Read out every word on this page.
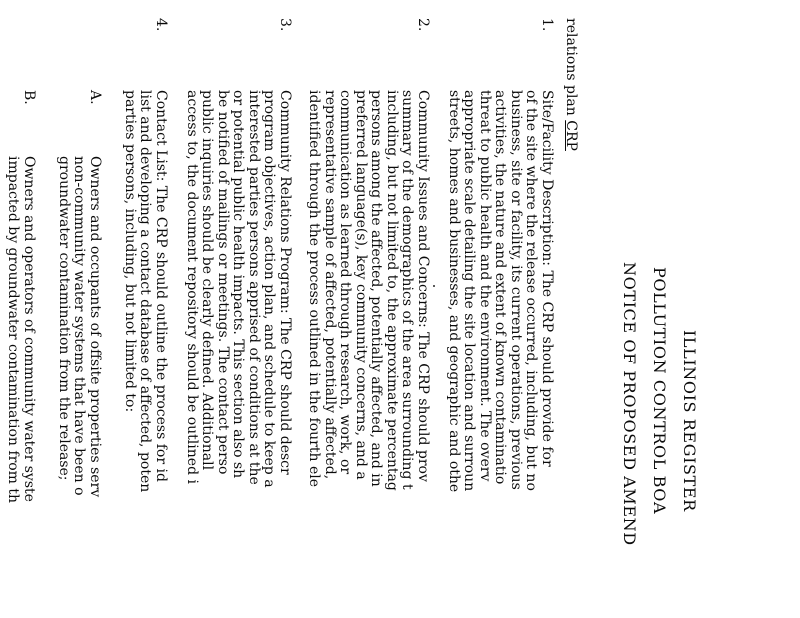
ILLINOIS REGISTER
POLLUTION CONTROL BOA
NOTICE OF PROPOSED AMEND
relations plan CRP
1.
Site/Facility Description: The CRP should provide for
of the site where the release occurred, including, but no
business, site or facility, its current operations, previous
activities, the nature and extent of known contaminatio
threat to public health and the environment. The overv
appropriate scale detailing the site location and surroun
streets, homes and businesses, and geographic and othe
2.
Community Issues and Concerns: The CRP should prov
summary of the demographics of the area surrounding t
including, but not limited to, the approximate percentag
persons among the affected, potentially affected, and in
preferred language(s), key community concerns, and a
communication as learned through research, work, or
representative sample of affected, potentially affected,
identified through the process outlined in the fourth ele
3.
Community Relations Program: The CRP should descr
program objectives, action plan, and schedule to keep a
interested parties persons apprised of conditions at the
or potential public health impacts. This section also sh
be notified of mailings or meetings. The contact perso
public inquiries should be clearly defined. Additionall
access to, the document repository should be outlined i
4.
Contact List: The CRP should outline the process for id
list and developing a contact database of affected, poten
parties persons, including, but not limited to:
A.
Owners and occupants of offsite properties serv
non-community water systems that have been o
groundwater contamination from the release;
B.
Owners and operators of community water syste
impacted by groundwater contamination from th
